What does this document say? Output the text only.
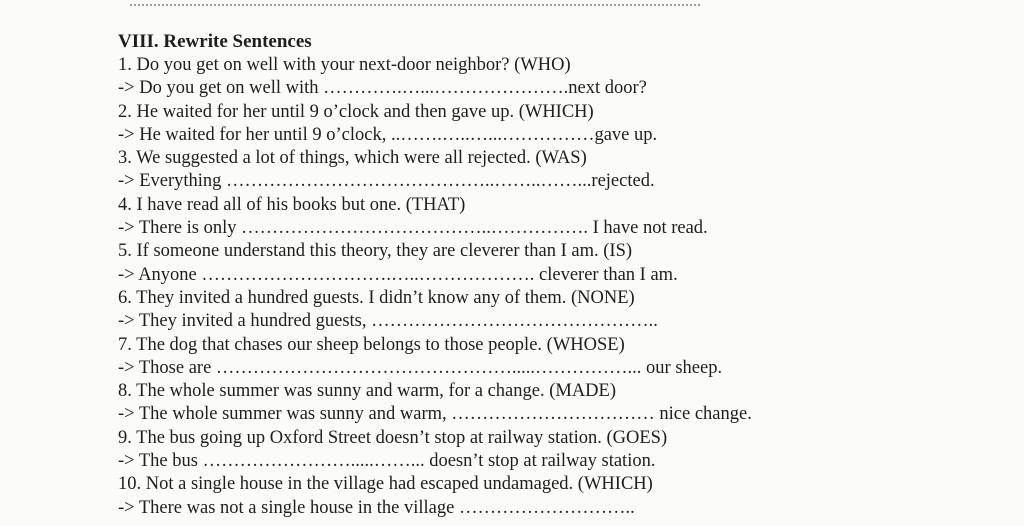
VIII. Rewrite Sentences
1. Do you get on well with your next-door neighbor? (WHO)
-> Do you get on well with ………….…...………………….next door?
2. He waited for her until 9 o’clock and then gave up. (WHICH)
-> He waited for her until 9 o’clock, ..…….…..…...……………gave up.
3. We suggested a lot of things, which were all rejected. (WAS)
-> Everything ……………………………………..……..……...rejected.
4. I have read all of his books but one. (THAT)
-> There is only …………………………………..……………. I have not read.
5. If someone understand this theory, they are cleverer than I am. (IS)
-> Anyone ………………………….…..………………. cleverer than I am.
6. They invited a hundred guests. I didn’t know any of them. (NONE)
-> They invited a hundred guests, ………………………………………..
7. The dog that chases our sheep belongs to those people. (WHOSE)
-> Those are ………………………………………….....……………... our sheep.
8. The whole summer was sunny and warm, for a change. (MADE)
-> The whole summer was sunny and warm, …………………………… nice change.
9. The bus going up Oxford Street doesn’t stop at railway station. (GOES)
-> The bus …………………….....……... doesn’t stop at railway station.
10. Not a single house in the village had escaped undamaged. (WHICH)
-> There was not a single house in the village ………………………..
